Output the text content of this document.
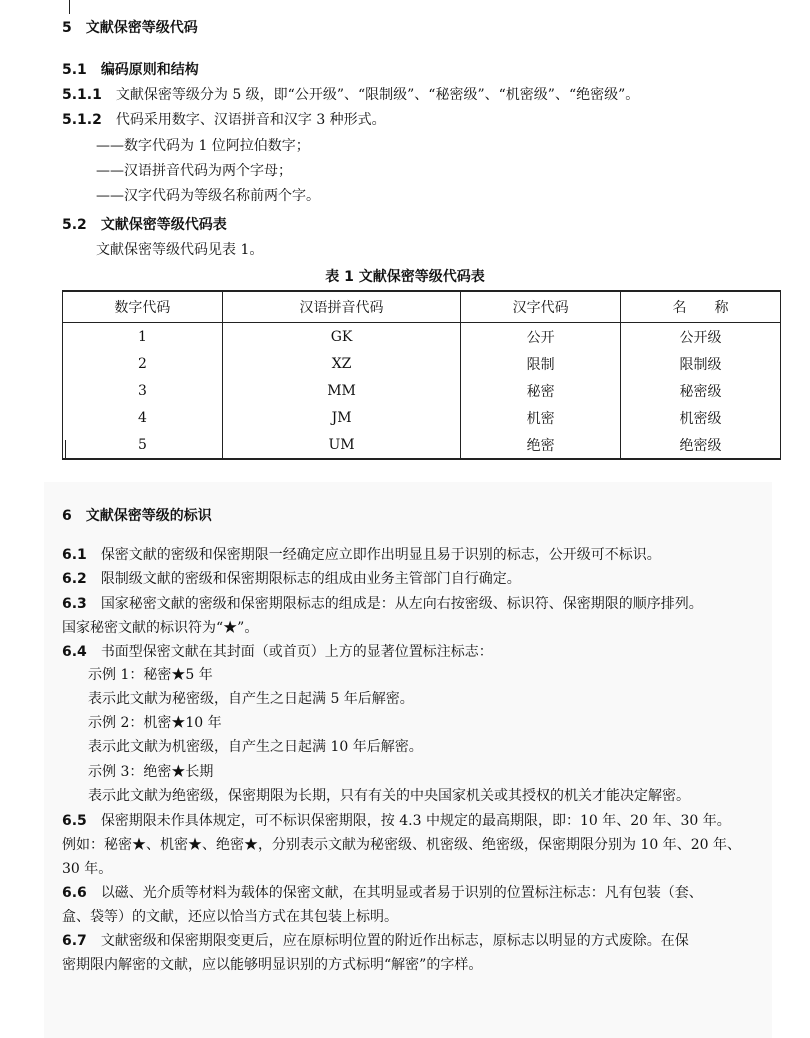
5 文献保密等级代码
5.1 编码原则和结构
5.1.1 文献保密等级分为 5 级，即“公开级”、“限制级”、“秘密级”、“机密级”、“绝密级”。
5.1.2 代码采用数字、汉语拼音和汉字 3 种形式。
——数字代码为 1 位阿拉伯数字；
——汉语拼音代码为两个字母；
——汉字代码为等级名称前两个字。
5.2 文献保密等级代码表
文献保密等级代码见表 1。
表 1 文献保密等级代码表
数字代码	汉语拼音代码	汉字代码	名　　称
1	GK	公开	公开级
2	XZ	限制	限制级
3	MM	秘密	秘密级
4	JM	机密	机密级
5	UM	绝密	绝密级
6 文献保密等级的标识
6.1 保密文献的密级和保密期限一经确定应立即作出明显且易于识别的标志，公开级可不标识。
6.2 限制级文献的密级和保密期限标志的组成由业务主管部门自行确定。
6.3 国家秘密文献的密级和保密期限标志的组成是：从左向右按密级、标识符、保密期限的顺序排列。
国家秘密文献的标识符为“★”。
6.4 书面型保密文献在其封面（或首页）上方的显著位置标注标志：
示例 1：秘密★5 年
表示此文献为秘密级，自产生之日起满 5 年后解密。
示例 2：机密★10 年
表示此文献为机密级，自产生之日起满 10 年后解密。
示例 3：绝密★长期
表示此文献为绝密级，保密期限为长期，只有有关的中央国家机关或其授权的机关才能决定解密。
6.5 保密期限未作具体规定，可不标识保密期限，按 4.3 中规定的最高期限，即：10 年、20 年、30 年。
例如：秘密★、机密★、绝密★，分别表示文献为秘密级、机密级、绝密级，保密期限分别为 10 年、20 年、
30 年。
6.6 以磁、光介质等材料为载体的保密文献，在其明显或者易于识别的位置标注标志：凡有包装（套、
盒、袋等）的文献，还应以恰当方式在其包装上标明。
6.7 文献密级和保密期限变更后，应在原标明位置的附近作出标志，原标志以明显的方式废除。在保
密期限内解密的文献，应以能够明显识别的方式标明“解密”的字样。
